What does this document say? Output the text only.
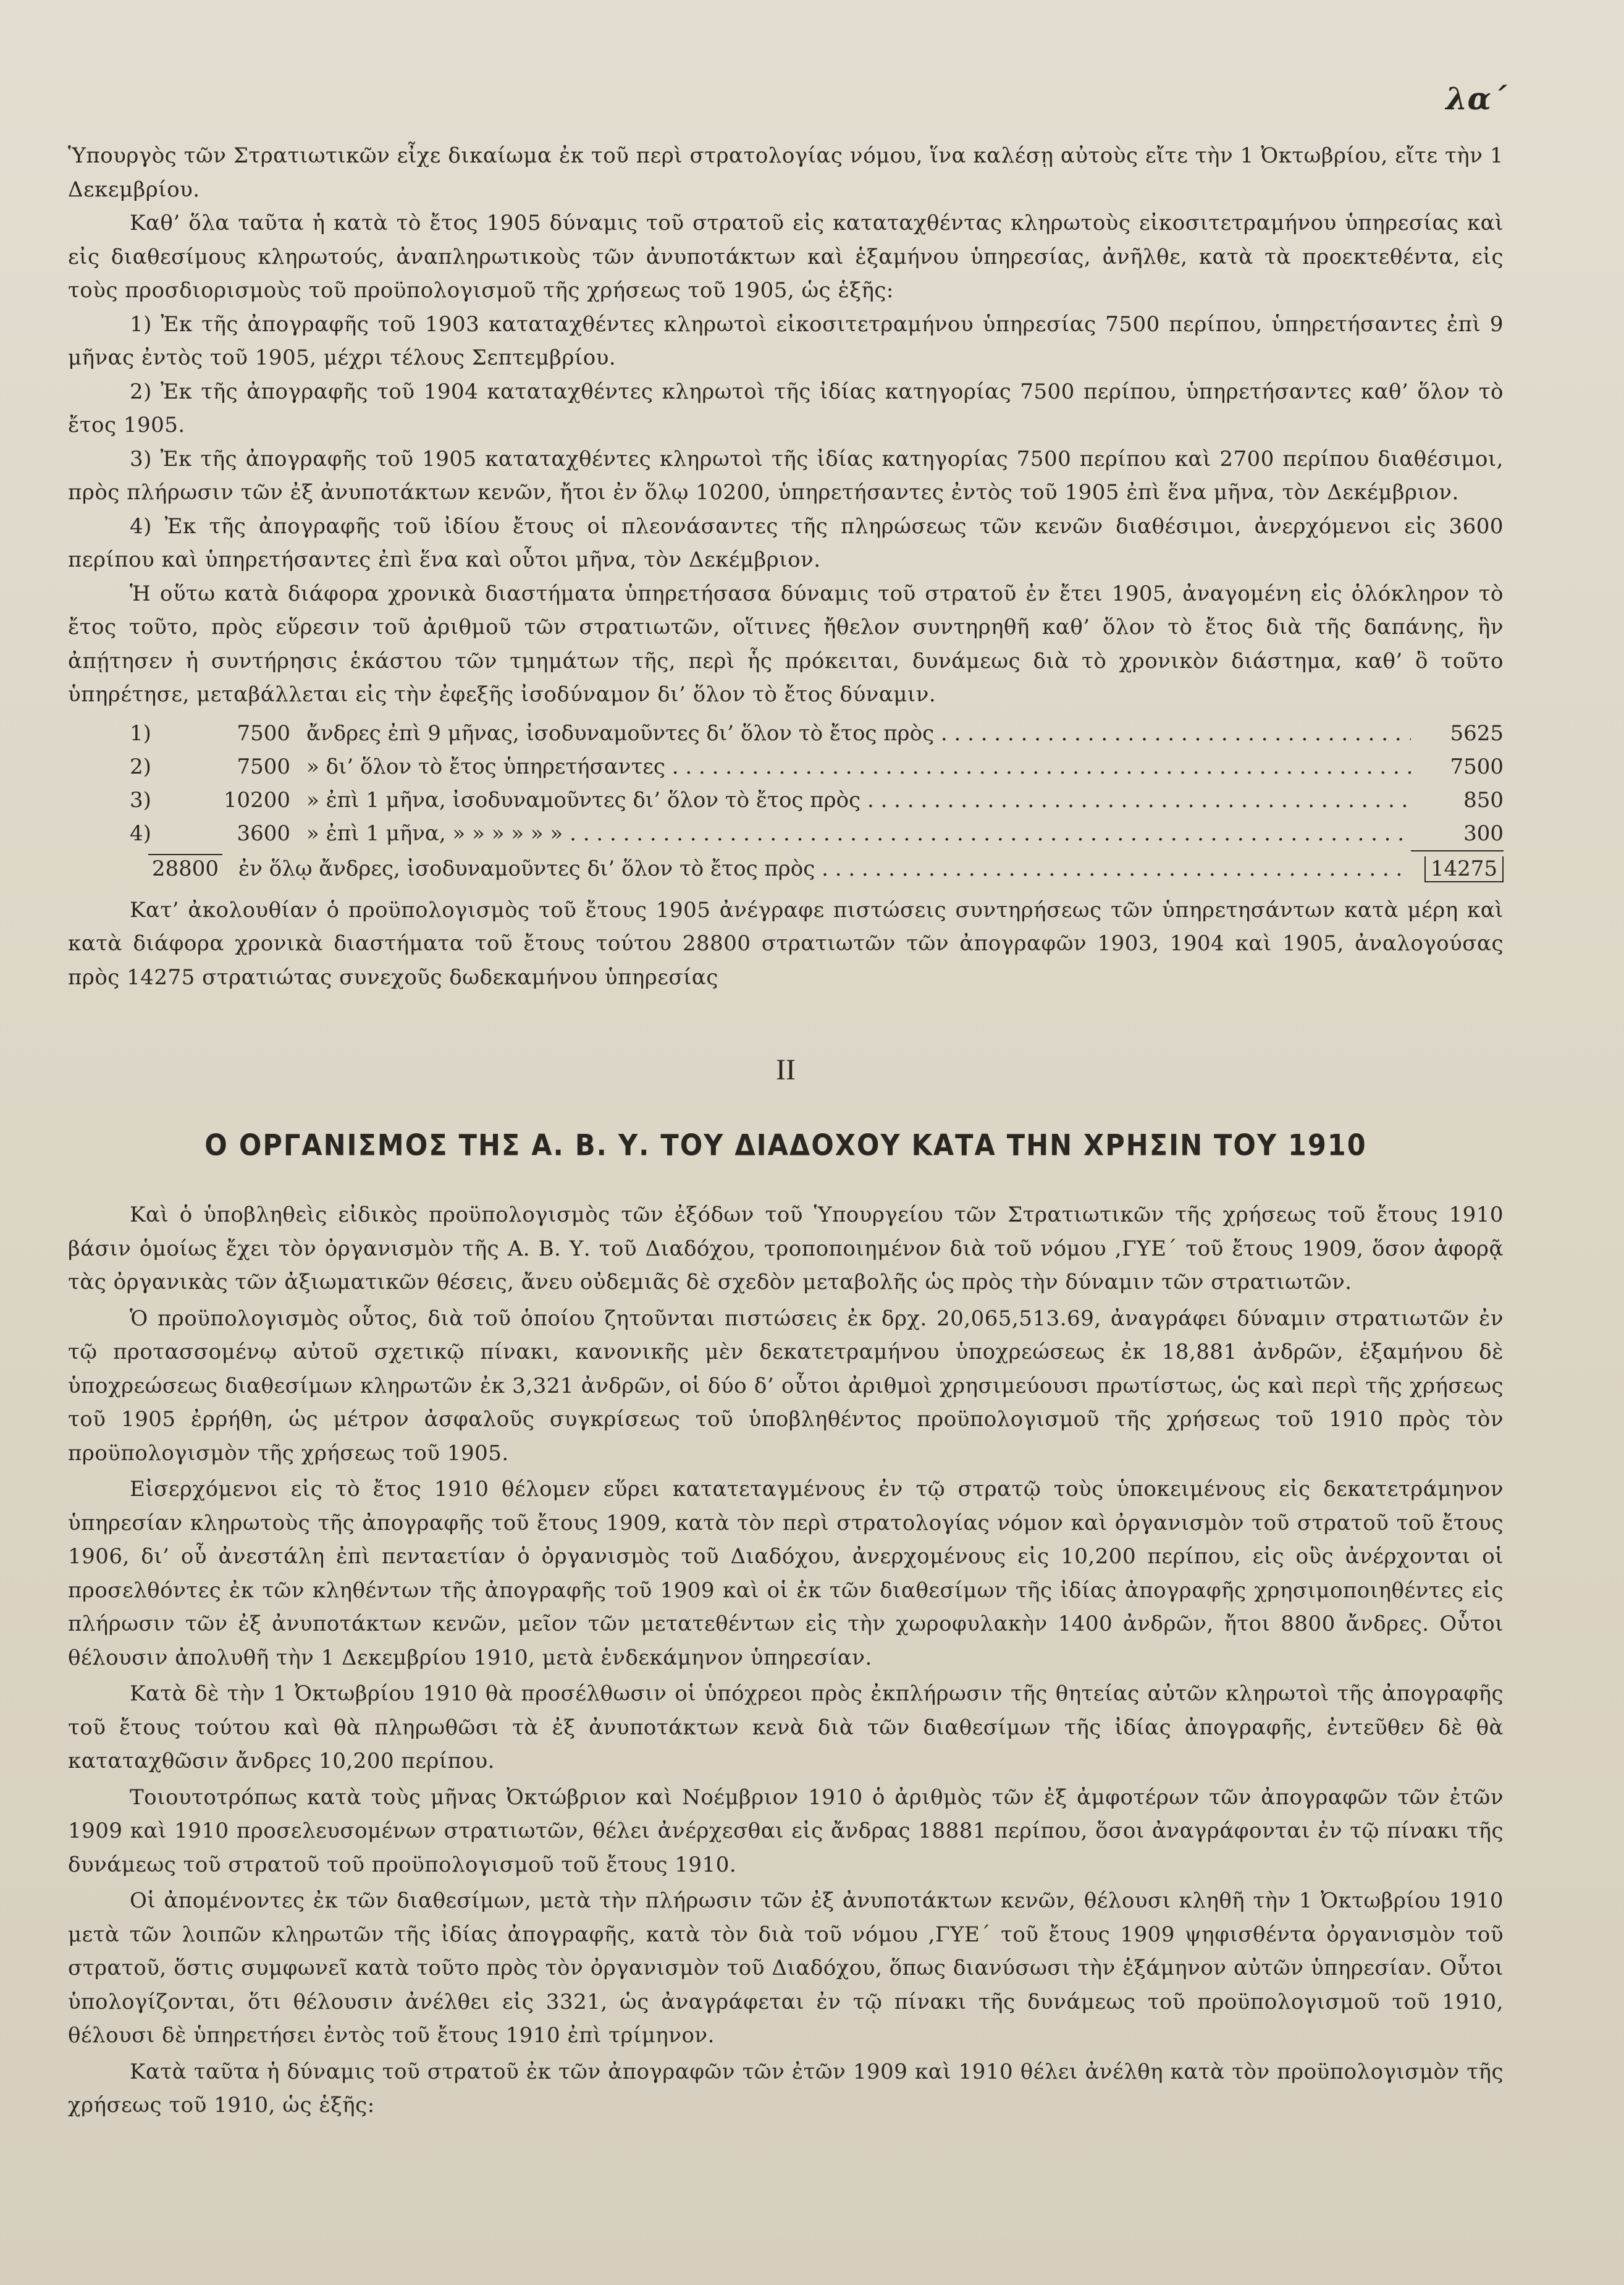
λα΄

Ὑπουργὸς τῶν Στρατιωτικῶν εἶχε δικαίωμα ἐκ τοῦ περὶ στρατολογίας νόμου, ἵνα καλέσῃ αὐτοὺς εἴτε τὴν 1 Ὀκτωβρίου, εἴτε τὴν 1 Δεκεμβρίου.

Καθ’ ὅλα ταῦτα ἡ κατὰ τὸ ἔτος 1905 δύναμις τοῦ στρατοῦ εἰς καταταχθέντας κληρωτοὺς εἰκοσιτετραμήνου ὑπηρεσίας καὶ εἰς διαθεσίμους κληρωτούς, ἀναπληρωτικοὺς τῶν ἀνυποτάκτων καὶ ἑξαμήνου ὑπηρεσίας, ἀνῆλθε, κατὰ τὰ προεκτεθέντα, εἰς τοὺς προσδιορισμοὺς τοῦ προϋπολογισμοῦ τῆς χρήσεως τοῦ 1905, ὡς ἑξῆς:

1) Ἐκ τῆς ἀπογραφῆς τοῦ 1903 καταταχθέντες κληρωτοὶ εἰκοσιτετραμήνου ὑπηρεσίας 7500 περίπου, ὑπηρετήσαντες ἐπὶ 9 μῆνας ἐντὸς τοῦ 1905, μέχρι τέλους Σεπτεμβρίου.

2) Ἐκ τῆς ἀπογραφῆς τοῦ 1904 καταταχθέντες κληρωτοὶ τῆς ἰδίας κατηγορίας 7500 περίπου, ὑπηρετήσαντες καθ’ ὅλον τὸ ἔτος 1905.

3) Ἐκ τῆς ἀπογραφῆς τοῦ 1905 καταταχθέντες κληρωτοὶ τῆς ἰδίας κατηγορίας 7500 περίπου καὶ 2700 περίπου διαθέσιμοι, πρὸς πλήρωσιν τῶν ἐξ ἀνυποτάκτων κενῶν, ἤτοι ἐν ὅλῳ 10200, ὑπηρετήσαντες ἐντὸς τοῦ 1905 ἐπὶ ἕνα μῆνα, τὸν Δεκέμβριον.

4) Ἐκ τῆς ἀπογραφῆς τοῦ ἰδίου ἔτους οἱ πλεονάσαντες τῆς πληρώσεως τῶν κενῶν διαθέσιμοι, ἀνερχόμενοι εἰς 3600 περίπου καὶ ὑπηρετήσαντες ἐπὶ ἕνα καὶ οὗτοι μῆνα, τὸν Δεκέμβριον.

Ἡ οὕτω κατὰ διάφορα χρονικὰ διαστήματα ὑπηρετήσασα δύναμις τοῦ στρατοῦ ἐν ἔτει 1905, ἀναγομένη εἰς ὁλόκληρον τὸ ἔτος τοῦτο, πρὸς εὕρεσιν τοῦ ἀριθμοῦ τῶν στρατιωτῶν, οἵτινες ἤθελον συντηρηθῆ καθ’ ὅλον τὸ ἔτος διὰ τῆς δαπάνης, ἣν ἀπῄτησεν ἡ συντήρησις ἑκάστου τῶν τμημάτων τῆς, περὶ ἧς πρόκειται, δυνάμεως διὰ τὸ χρονικὸν διάστημα, καθ’ ὃ τοῦτο ὑπηρέτησε, μεταβάλλεται εἰς τὴν ἐφεξῆς ἰσοδύναμον δι’ ὅλον τὸ ἔτος δύναμιν.

1)	7500 ἄνδρες ἐπὶ 9 μῆνας, ἰσοδυναμοῦντες δι’ ὅλον τὸ ἔτος πρὸς . . .	5625
2)	7500 » δι’ ὅλον τὸ ἔτος ὑπηρετήσαντες . . .	7500
3)	10200 » ἐπὶ 1 μῆνα, ἰσοδυναμοῦντες δι’ ὅλον τὸ ἔτος πρὸς . . .	850
4)	3600 » ἐπὶ 1 μῆνα, » » » » » » . . .	300
28800 ἐν ὅλῳ ἄνδρες, ἰσοδυναμοῦντες δι’ ὅλον τὸ ἔτος πρὸς . . .	14275

Κατ’ ἀκολουθίαν ὁ προϋπολογισμὸς τοῦ ἔτους 1905 ἀνέγραφε πιστώσεις συντηρήσεως τῶν ὑπηρετησάντων κατὰ μέρη καὶ κατὰ διάφορα χρονικὰ διαστήματα τοῦ ἔτους τούτου 28800 στρατιωτῶν τῶν ἀπογραφῶν 1903, 1904 καὶ 1905, ἀναλογούσας πρὸς 14275 στρατιώτας συνεχοῦς δωδεκαμήνου ὑπηρεσίας

II
Ο ΟΡΓΑΝΙΣΜΟΣ ΤΗΣ Α. Β. Υ. ΤΟΥ ΔΙΑΔΟΧΟΥ ΚΑΤΑ ΤΗΝ ΧΡΗΣΙΝ ΤΟΥ 1910

Καὶ ὁ ὑποβληθεὶς εἰδικὸς προϋπολογισμὸς τῶν ἐξόδων τοῦ Ὑπουργείου τῶν Στρατιωτικῶν τῆς χρήσεως τοῦ ἔτους 1910 βάσιν ὁμοίως ἔχει τὸν ὀργανισμὸν τῆς Α. Β. Υ. τοῦ Διαδόχου, τροποποιημένον διὰ τοῦ νόμου ,ΓΥΕ΄ τοῦ ἔτους 1909, ὅσον ἀφορᾷ τὰς ὀργανικὰς τῶν ἀξιωματικῶν θέσεις, ἄνευ οὐδεμιᾶς δὲ σχεδὸν μεταβολῆς ὡς πρὸς τὴν δύναμιν τῶν στρατιωτῶν.

Ὁ προϋπολογισμὸς οὗτος, διὰ τοῦ ὁποίου ζητοῦνται πιστώσεις ἐκ δρχ. 20,065,513.69, ἀναγράφει δύναμιν στρατιωτῶν ἐν τῷ προτασσομένῳ αὐτοῦ σχετικῷ πίνακι, κανονικῆς μὲν δεκατετραμήνου ὑποχρεώσεως ἐκ 18,881 ἀνδρῶν, ἑξαμήνου δὲ ὑποχρεώσεως διαθεσίμων κληρωτῶν ἐκ 3,321 ἀνδρῶν, οἱ δύο δ’ οὗτοι ἀριθμοὶ χρησιμεύουσι πρωτίστως, ὡς καὶ περὶ τῆς χρήσεως τοῦ 1905 ἐρρήθη, ὡς μέτρον ἀσφαλοῦς συγκρίσεως τοῦ ὑποβληθέντος προϋπολογισμοῦ τῆς χρήσεως τοῦ 1910 πρὸς τὸν προϋπολογισμὸν τῆς χρήσεως τοῦ 1905.

Εἰσερχόμενοι εἰς τὸ ἔτος 1910 θέλομεν εὕρει κατατεταγμένους ἐν τῷ στρατῷ τοὺς ὑποκειμένους εἰς δεκατετράμηνον ὑπηρεσίαν κληρωτοὺς τῆς ἀπογραφῆς τοῦ ἔτους 1909, κατὰ τὸν περὶ στρατολογίας νόμον καὶ ὀργανισμὸν τοῦ στρατοῦ τοῦ ἔτους 1906, δι’ οὗ ἀνεστάλη ἐπὶ πενταετίαν ὁ ὀργανισμὸς τοῦ Διαδόχου, ἀνερχομένους εἰς 10,200 περίπου, εἰς οὓς ἀνέρχονται οἱ προσελθόντες ἐκ τῶν κληθέντων τῆς ἀπογραφῆς τοῦ 1909 καὶ οἱ ἐκ τῶν διαθεσίμων τῆς ἰδίας ἀπογραφῆς χρησιμοποιηθέντες εἰς πλήρωσιν τῶν ἐξ ἀνυποτάκτων κενῶν, μεῖον τῶν μετατεθέντων εἰς τὴν χωροφυλακὴν 1400 ἀνδρῶν, ἤτοι 8800 ἄνδρες. Οὗτοι θέλουσιν ἀπολυθῆ τὴν 1 Δεκεμβρίου 1910, μετὰ ἑνδεκάμηνον ὑπηρεσίαν.

Κατὰ δὲ τὴν 1 Ὀκτωβρίου 1910 θὰ προσέλθωσιν οἱ ὑπόχρεοι πρὸς ἐκπλήρωσιν τῆς θητείας αὐτῶν κληρωτοὶ τῆς ἀπογραφῆς τοῦ ἔτους τούτου καὶ θὰ πληρωθῶσι τὰ ἐξ ἀνυποτάκτων κενὰ διὰ τῶν διαθεσίμων τῆς ἰδίας ἀπογραφῆς, ἐντεῦθεν δὲ θὰ καταταχθῶσιν ἄνδρες 10,200 περίπου.

Τοιουτοτρόπως κατὰ τοὺς μῆνας Ὀκτώβριον καὶ Νοέμβριον 1910 ὁ ἀριθμὸς τῶν ἐξ ἀμφοτέρων τῶν ἀπογραφῶν τῶν ἐτῶν 1909 καὶ 1910 προσελευσομένων στρατιωτῶν, θέλει ἀνέρχεσθαι εἰς ἄνδρας 18881 περίπου, ὅσοι ἀναγράφονται ἐν τῷ πίνακι τῆς δυνάμεως τοῦ στρατοῦ τοῦ προϋπολογισμοῦ τοῦ ἔτους 1910.

Οἱ ἀπομένοντες ἐκ τῶν διαθεσίμων, μετὰ τὴν πλήρωσιν τῶν ἐξ ἀνυποτάκτων κενῶν, θέλουσι κληθῆ τὴν 1 Ὀκτωβρίου 1910 μετὰ τῶν λοιπῶν κληρωτῶν τῆς ἰδίας ἀπογραφῆς, κατὰ τὸν διὰ τοῦ νόμου ,ΓΥΕ΄ τοῦ ἔτους 1909 ψηφισθέντα ὀργανισμὸν τοῦ στρατοῦ, ὅστις συμφωνεῖ κατὰ τοῦτο πρὸς τὸν ὀργανισμὸν τοῦ Διαδόχου, ὅπως διανύσωσι τὴν ἑξάμηνον αὐτῶν ὑπηρεσίαν. Οὗτοι ὑπολογίζονται, ὅτι θέλουσιν ἀνέλθει εἰς 3321, ὡς ἀναγράφεται ἐν τῷ πίνακι τῆς δυνάμεως τοῦ προϋπολογισμοῦ τοῦ 1910, θέλουσι δὲ ὑπηρετήσει ἐντὸς τοῦ ἔτους 1910 ἐπὶ τρίμηνον.

Κατὰ ταῦτα ἡ δύναμις τοῦ στρατοῦ ἐκ τῶν ἀπογραφῶν τῶν ἐτῶν 1909 καὶ 1910 θέλει ἀνέλθη κατὰ τὸν προϋπολογισμὸν τῆς χρήσεως τοῦ 1910, ὡς ἑξῆς:
